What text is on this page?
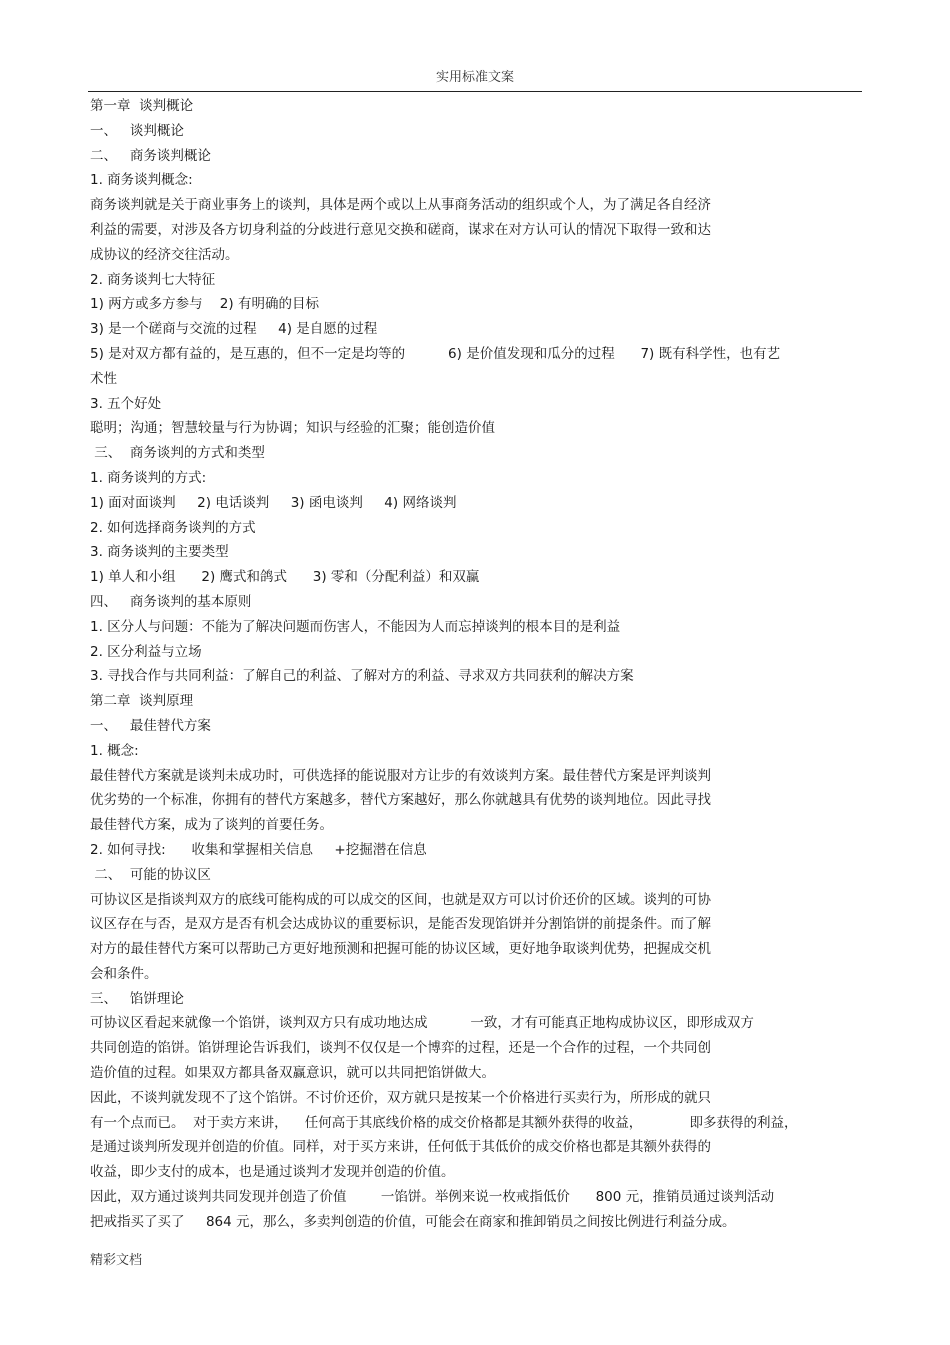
实用标准文案
第一章  谈判概论
一、   谈判概论
二、   商务谈判概论
1. 商务谈判概念:
商务谈判就是关于商业事务上的谈判，具体是两个或以上从事商务活动的组织或个人，为了满足各自经济
利益的需要，对涉及各方切身利益的分歧进行意见交换和磋商，谋求在对方认可认的情况下取得一致和达
成协议的经济交往活动。
2. 商务谈判七大特征
1) 两方或多方参与    2) 有明确的目标
3) 是一个磋商与交流的过程     4) 是自愿的过程
5) 是对双方都有益的，是互惠的，但不一定是均等的          6) 是价值发现和瓜分的过程      7) 既有科学性，也有艺
术性
3. 五个好处
聪明；沟通；智慧较量与行为协调；知识与经验的汇聚；能创造价值
三、  商务谈判的方式和类型
1. 商务谈判的方式:
1) 面对面谈判     2) 电话谈判     3) 函电谈判     4) 网络谈判
2. 如何选择商务谈判的方式
3. 商务谈判的主要类型
1) 单人和小组      2) 鹰式和鸽式      3) 零和（分配利益）和双赢
四、   商务谈判的基本原则
1. 区分人与问题：不能为了解决问题而伤害人，不能因为人而忘掉谈判的根本目的是利益
2. 区分利益与立场
3. 寻找合作与共同利益：了解自己的利益、了解对方的利益、寻求双方共同获利的解决方案
第二章  谈判原理
一、   最佳替代方案
1. 概念:
最佳替代方案就是谈判未成功时，可供选择的能说服对方让步的有效谈判方案。最佳替代方案是评判谈判
优劣势的一个标准，你拥有的替代方案越多，替代方案越好，那么你就越具有优势的谈判地位。因此寻找
最佳替代方案，成为了谈判的首要任务。
2. 如何寻找:      收集和掌握相关信息     +挖掘潜在信息
二、  可能的协议区
可协议区是指谈判双方的底线可能构成的可以成交的区间，也就是双方可以讨价还价的区域。谈判的可协
议区存在与否，是双方是否有机会达成协议的重要标识，是能否发现馅饼并分割馅饼的前提条件。而了解
对方的最佳替代方案可以帮助己方更好地预测和把握可能的协议区域，更好地争取谈判优势，把握成交机
会和条件。
三、   馅饼理论
可协议区看起来就像一个馅饼，谈判双方只有成功地达成          一致，才有可能真正地构成协议区，即形成双方
共同创造的馅饼。馅饼理论告诉我们，谈判不仅仅是一个博弈的过程，还是一个合作的过程，一个共同创
造价值的过程。如果双方都具备双赢意识，就可以共同把馅饼做大。
因此，不谈判就发现不了这个馅饼。不讨价还价，双方就只是按某一个价格进行买卖行为，所形成的就只
有一个点而已。  对于卖方来讲，    任何高于其底线价格的成交价格都是其额外获得的收益，           即多获得的利益，
是通过谈判所发现并创造的价值。同样，对于买方来讲，任何低于其低价的成交价格也都是其额外获得的
收益，即少支付的成本，也是通过谈判才发现并创造的价值。
因此，双方通过谈判共同发现并创造了价值        一馅饼。举例来说一枚戒指低价      800 元，推销员通过谈判活动
把戒指买了买了     864 元，那么，多卖判创造的价值，可能会在商家和推卸销员之间按比例进行利益分成。
精彩文档
